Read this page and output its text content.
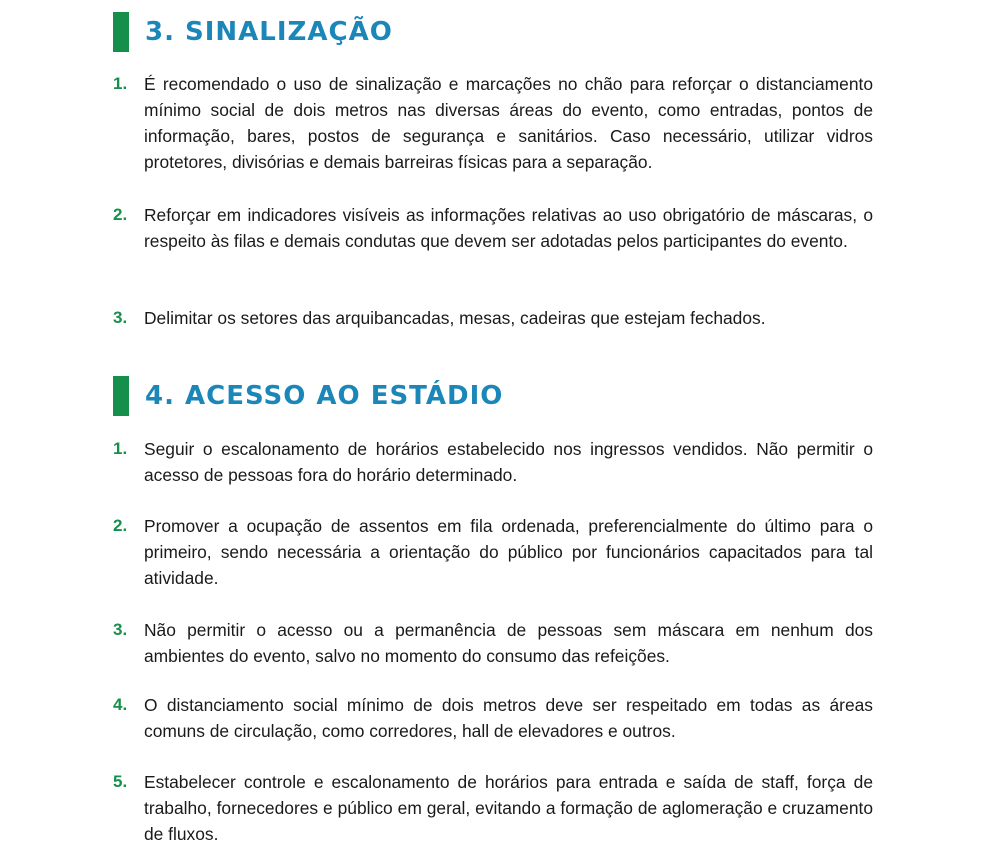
3. SINALIZAÇÃO
1. É recomendado o uso de sinalização e marcações no chão para reforçar o distanciamento mínimo social de dois metros nas diversas áreas do evento, como entradas, pontos de informação, bares, postos de segurança e sanitários. Caso necessário, utilizar vidros protetores, divisórias e demais barreiras físicas para a separação.
2. Reforçar em indicadores visíveis as informações relativas ao uso obrigatório de máscaras, o respeito às filas e demais condutas que devem ser adotadas pelos participantes do evento.
3. Delimitar os setores das arquibancadas, mesas, cadeiras que estejam fechados.
4. ACESSO AO ESTÁDIO
1. Seguir o escalonamento de horários estabelecido nos ingressos vendidos. Não permitir o acesso de pessoas fora do horário determinado.
2. Promover a ocupação de assentos em fila ordenada, preferencialmente do último para o primeiro, sendo necessária a orientação do público por funcionários capacitados para tal atividade.
3. Não permitir o acesso ou a permanência de pessoas sem máscara em nenhum dos ambientes do evento, salvo no momento do consumo das refeições.
4. O distanciamento social mínimo de dois metros deve ser respeitado em todas as áreas comuns de circulação, como corredores, hall de elevadores e outros.
5. Estabelecer controle e escalonamento de horários para entrada e saída de staff, força de trabalho, fornecedores e público em geral, evitando a formação de aglomeração e cruzamento de fluxos.
